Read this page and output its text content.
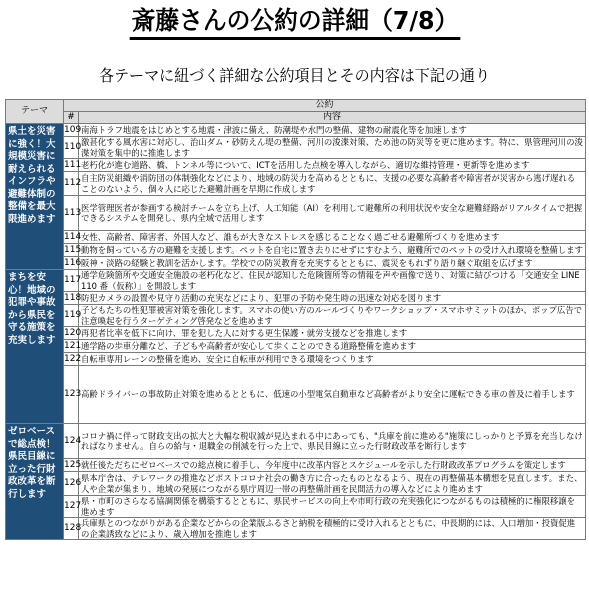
斎藤さんの公約の詳細（7/8）
各テーマに紐づく詳細な公約項目とその内容は下記の通り
テーマ	公約	
	#	内容
県土を災害に強く！大規模災害に耐えられるインフラや避難体制の整備を最大限進めます	109	南海トラフ地震をはじめとする地震・津波に備え、防潮堤や水門の整備、建物の耐震化等を加速します
	110	激甚化する風水害に対応し、治山ダム・砂防えん堤の整備、河川の浚渫対策、ため池の防災等を更に進めます。特に、県管理河川の浚渫対策を集中的に推進します
	111	老朽化が進む道路、橋、トンネル等について、ICTを活用した点検を導入しながら、適切な維持管理・更新等を進めます
	112	自主防災組織や消防団の体制強化などにより、地域の防災力を高めるとともに、支援の必要な高齢者や障害者が災害から逃げ遅れることのないよう、個々人に応じた避難計画を早期に作成します
	113	医学管理医者が参画する検討チームを立ち上げ、人工知能（AI）を利用して避難所の利用状況や安全な避難経路がリアルタイムで把握できるシステムを開発し、県内全域で活用します
	114	女性、高齢者、障害者、外国人など、誰もが大きなストレスを感じることなく過ごせる避難所づくりを進めます
	115	動物を飼っている方の避難を支援します。ペットを自宅に置き去りにせずにすむよう、避難所でのペットの受け入れ環境を整備します
	116	阪神・淡路の経験と教訓を活かします。学校での防災教育を充実するとともに、震災をもれずり語り継ぐ取組を広げます
まちを安心！地域の犯罪や事故から県民を守る施策を充実します	117	通学危険箇所や交通安全施設の老朽化など、住民が認知した危険箇所等の情報を声や画像で送り、対策に結びつける「交通安全 LINE110 番（仮称）」を開設します
	118	防犯カメラの設置や見守り活動の充実などにより、犯罪の予防や発生時の迅速な対応を図ります
	119	子どもたちの性犯罪被害対策を強化します。スマホの使い方のルールづくりやワークショップ・スマホサミットのほか、ポップ広告で注意喚起を行うターゲティング啓発などを進めます
	120	再犯者比率を低下に向け、罪を犯した人に対する更生保護・就労支援などを推進します
	121	通学路の歩車分離など、子どもや高齢者が安心して歩くことのできる道路整備を進めます
	122	自転車専用レーンの整備を進め、安全に自転車が利用できる環境をつくります
	123	高齢ドライバーの事故防止対策を進めるとともに、低速の小型電気自動車など高齢者がより安全に運転できる車の普及に着手します
ゼロベースで総点検！県民目線に立った行財政改革を断行します	124	コロナ禍に伴って財政支出の拡大と大幅な税収減が見込まれる中にあっても、"兵庫を前に進める"施策にしっかりと予算を充当しなければなりません。自らの給与・退職金の削減を行った上で、県民目線に立った行財政改革を断行します
	125	就任後ただちにゼロベースでの総点検に着手し、今年度中に改革内容とスケジュールを示した行財政改革プログラムを策定します
	126	県本庁舎は、テレワークの推進などポストコロナ社会の働き方に合ったものとなるよう、現在の再整備基本構想を見直します。また、人や企業が集まり、地域の発展につながる県庁周辺一帯の再整備計画を民間活力の導入などにより進めます
	127	県・市町のさらなる協調関係を構築するとともに、県民サービスの向上や市町行政の充実強化につながるものは積極的に権限移譲を進めます
	128	兵庫県とのつながりがある企業などからの企業版ふるさと納税を積極的に受け入れるとともに、中長期的には、人口増加・投資促進の企業誘致などにより、歳入増加を推進します
